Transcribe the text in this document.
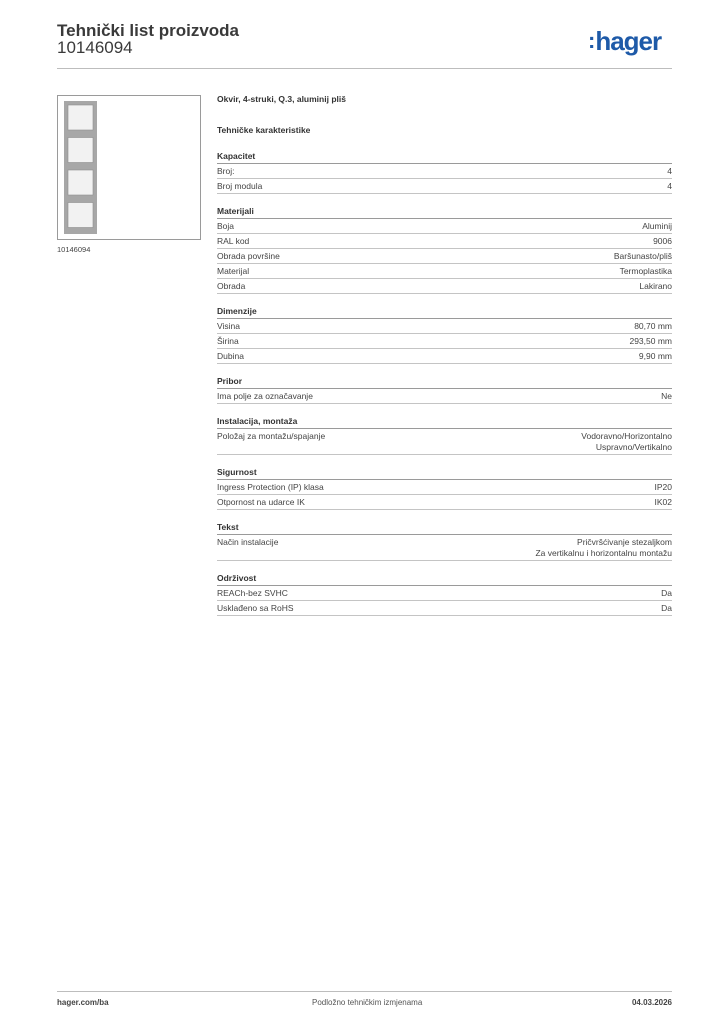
Tehnički list proizvoda
10146094	:hager
10146094
Okvir, 4-struki, Q.3, aluminij pliš
Tehničke karakteristike
Kapacitet
Broj:	4
Broj modula	4
Materijali
Boja	Aluminij
RAL kod	9006
Obrada površine	Baršunasto/pliš
Materijal	Termoplastika
Obrada	Lakirano
Dimenzije
Visina	80,70 mm
Širina	293,50 mm
Dubina	9,90 mm
Pribor
Ima polje za označavanje	Ne
Instalacija, montaža
Položaj za montažu/spajanje	Vodoravno/Horizontalno
Uspravno/Vertikalno
Sigurnost
Ingress Protection (IP) klasa	IP20
Otpornost na udarce IK	IK02
Tekst
Način instalacije	Pričvršćivanje stezaljkom
Za vertikalnu i horizontalnu montažu
Održivost
REACh-bez SVHC	Da
Usklađeno sa RoHS	Da
hager.com/ba	Podložno tehničkim izmjenama	04.03.2026
